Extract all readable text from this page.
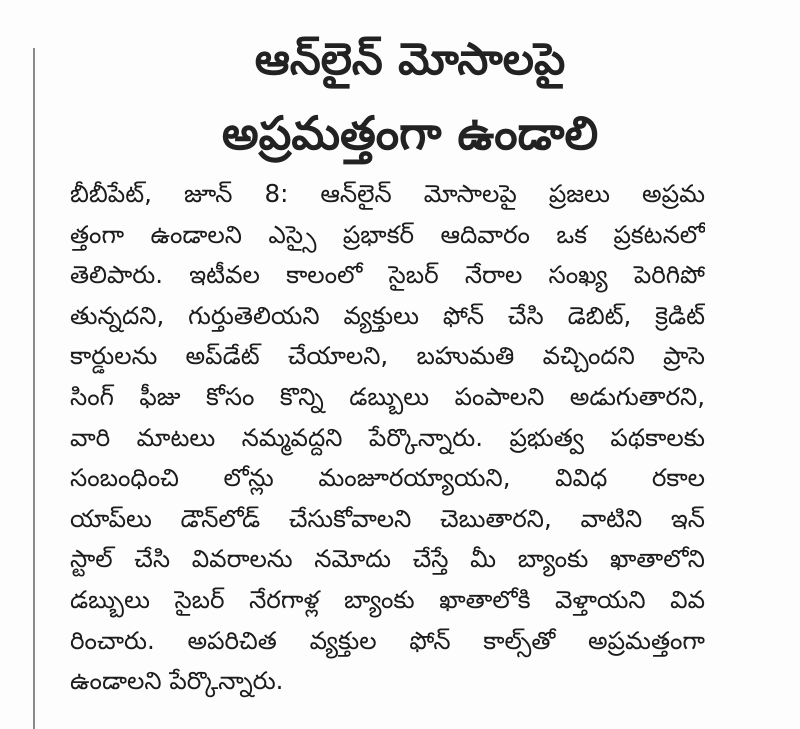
ఆన్‌లైన్ మోసాలపై
అప్రమత్తంగా ఉండాలి
బీబీపేట్, జూన్ 8: ఆన్‌లైన్ మోసాలపై ప్రజలు అప్రమ
త్తంగా ఉండాలని ఎస్సై ప్రభాకర్ ఆదివారం ఒక ప్రకటనలో
తెలిపారు. ఇటీవల కాలంలో సైబర్ నేరాల సంఖ్య పెరిగిపో
తున్నదని, గుర్తుతెలియని వ్యక్తులు ఫోన్ చేసి డెబిట్, క్రెడిట్
కార్డులను అప్‌డేట్ చేయాలని, బహుమతి వచ్చిందని ప్రాసె
సింగ్ ఫీజు కోసం కొన్ని డబ్బులు పంపాలని అడుగుతారని,
వారి మాటలు నమ్మవద్దని పేర్కొన్నారు. ప్రభుత్వ పథకాలకు
సంబంధించి లోన్లు మంజూరయ్యాయని, వివిధ రకాల
యాప్‌లు డౌన్‌లోడ్ చేసుకోవాలని చెబుతారని, వాటిని ఇన్
స్టాల్ చేసి వివరాలను నమోదు చేస్తే మీ బ్యాంకు ఖాతాలోని
డబ్బులు సైబర్ నేరగాళ్ల బ్యాంకు ఖాతాలోకి వెళ్తాయని వివ
రించారు. అపరిచిత వ్యక్తుల ఫోన్ కాల్స్‌తో అప్రమత్తంగా
ఉండాలని పేర్కొన్నారు.
